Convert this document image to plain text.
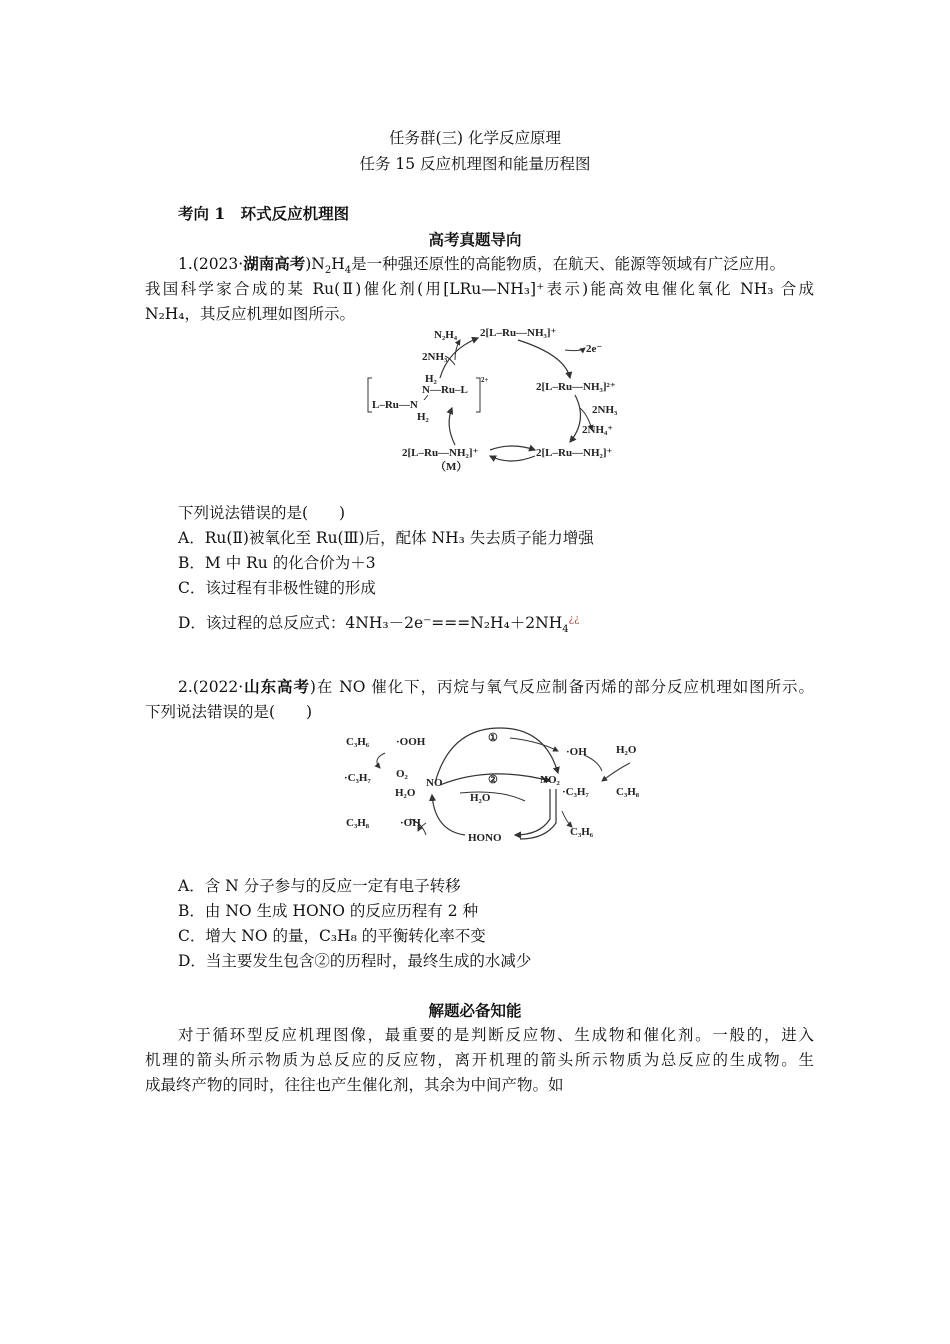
任务群(三) 化学反应原理
任务 15 反应机理图和能量历程图
考向 1　环式反应机理图
高考真题导向
1.(2023·湖南高考)$N_2H_4$是一种强还原性的高能物质，在航天、能源等领域有广泛应用。
我国科学家合成的某 Ru(Ⅱ)催化剂(用[LRu—NH₃]⁺表示)能高效电催化氧化 NH₃ 合成
N₂H₄，其反应机理如图所示。
N₂H₄
2NH₃
2[L–Ru—NH₃]⁺
2e⁻
2[L–Ru—NH₃]²⁺
2NH₃
2NH₄⁺
2[L–Ru—NH₂]⁺
2[L–Ru—NH₂]⁺
（M）
H₂
N—Ru–L
L–Ru—N
H₂
2+
下列说法错误的是(　　)
A．Ru(Ⅱ)被氧化至 Ru(Ⅲ)后，配体 NH₃ 失去质子能力增强
B．M 中 Ru 的化合价为＋3
C．该过程有非极性键的形成
D．该过程的总反应式：$4NH_3-2e^-===N_2H_4+2NH_4^{¿¿}$
2.(2022·山东高考)在 NO 催化下，丙烷与氧气反应制备丙烯的部分反应机理如图所示。
下列说法错误的是(　　)
C₃H₆ ·OOH
·C₃H₇ O₂
H₂O
C₃H₈	·OH
NO
①
②	NO₂
H₂O
·OH	H₂O
·C₃H₇ C₃H₈
HONO	C₃H₆
A．含 N 分子参与的反应一定有电子转移
B．由 NO 生成 HONO 的反应历程有 2 种
C．增大 NO 的量，C₃H₈ 的平衡转化率不变
D．当主要发生包含②的历程时，最终生成的水减少
解题必备知能
对于循环型反应机理图像，最重要的是判断反应物、生成物和催化剂。一般的，进入
机理的箭头所示物质为总反应的反应物，离开机理的箭头所示物质为总反应的生成物。生
成最终产物的同时，往往也产生催化剂，其余为中间产物。如
